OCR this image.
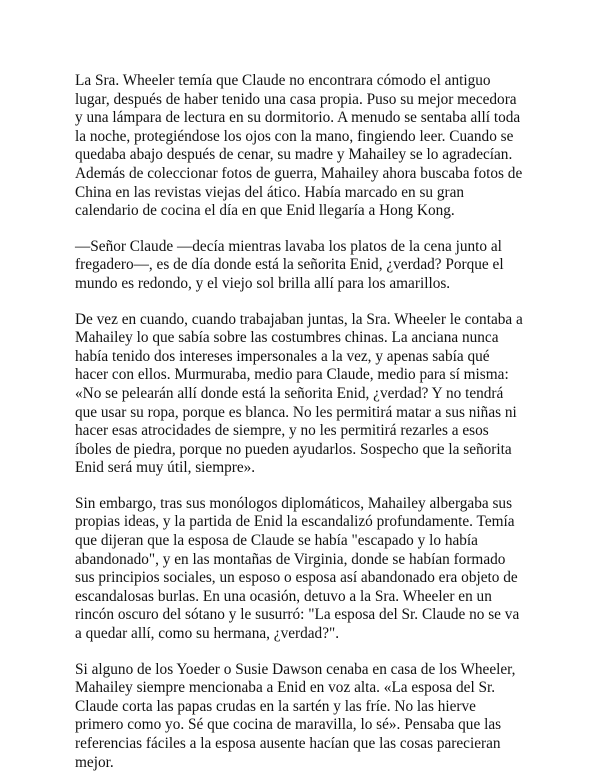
La Sra. Wheeler temía que Claude no encontrara cómodo el antiguo lugar, después de haber tenido una casa propia. Puso su mejor mecedora y una lámpara de lectura en su dormitorio. A menudo se sentaba allí toda la noche, protegiéndose los ojos con la mano, fingiendo leer. Cuando se quedaba abajo después de cenar, su madre y Mahailey se lo agradecían. Además de coleccionar fotos de guerra, Mahailey ahora buscaba fotos de China en las revistas viejas del ático. Había marcado en su gran calendario de cocina el día en que Enid llegaría a Hong Kong.

—Señor Claude —decía mientras lavaba los platos de la cena junto al fregadero—, es de día donde está la señorita Enid, ¿verdad? Porque el mundo es redondo, y el viejo sol brilla allí para los amarillos.

De vez en cuando, cuando trabajaban juntas, la Sra. Wheeler le contaba a Mahailey lo que sabía sobre las costumbres chinas. La anciana nunca había tenido dos intereses impersonales a la vez, y apenas sabía qué hacer con ellos. Murmuraba, medio para Claude, medio para sí misma: «No se pelearán allí donde está la señorita Enid, ¿verdad? Y no tendrá que usar su ropa, porque es blanca. No les permitirá matar a sus niñas ni hacer esas atrocidades de siempre, y no les permitirá rezarles a esos íboles de piedra, porque no pueden ayudarlos. Sospecho que la señorita Enid será muy útil, siempre».

Sin embargo, tras sus monólogos diplomáticos, Mahailey albergaba sus propias ideas, y la partida de Enid la escandalizó profundamente. Temía que dijeran que la esposa de Claude se había "escapado y lo había abandonado", y en las montañas de Virginia, donde se habían formado sus principios sociales, un esposo o esposa así abandonado era objeto de escandalosas burlas. En una ocasión, detuvo a la Sra. Wheeler en un rincón oscuro del sótano y le susurró: "La esposa del Sr. Claude no se va a quedar allí, como su hermana, ¿verdad?".

Si alguno de los Yoeder o Susie Dawson cenaba en casa de los Wheeler, Mahailey siempre mencionaba a Enid en voz alta. «La esposa del Sr. Claude corta las papas crudas en la sartén y las fríe. No las hierve primero como yo. Sé que cocina de maravilla, lo sé». Pensaba que las referencias fáciles a la esposa ausente hacían que las cosas parecieran mejor.
